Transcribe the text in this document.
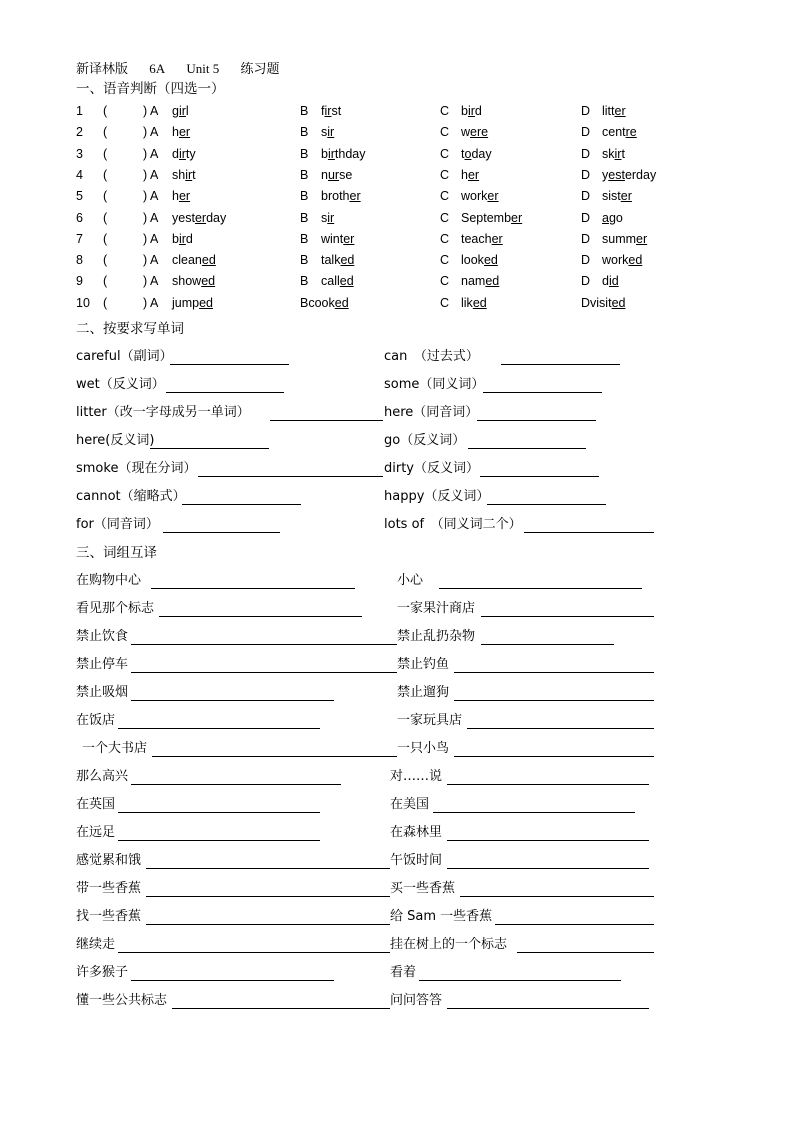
新译林版 6A Unit 5 练习题
一、语音判断（四选一）
1 (	) A girl	B first	C bird	D litter
2 (	) A her	B sir	C were	D centre
3 (	) A dirty	B birthday	C today	D skirt
4 (	) A shirt	B nurse	C her	D yesterday
5 (	) A her	B brother	C worker	D sister
6 (	) A yesterday	B sir	C September	D ago
7 (	) A bird	B winter	C teacher	D summer
8 (	) A cleaned	B talked	C looked	D worked
9 (	) A showed	B called	C named	D did
10 (	) A jumped	Bcooked	C liked	Dvisited
二、按要求写单词
careful（副词）	can　（过去式）
wet（反义词）	some（同义词）
litter（改一字母成另一单词）	here（同音词）
here(反义词)	go（反义词）
smoke（现在分词）	dirty（反义词）
cannot（缩略式）	happy（反义词）
for（同音词）	lots of　（同义词二个）
三、词组互译
在购物中心	小心
看见那个标志	一家果汁商店
禁止饮食	禁止乱扔杂物
禁止停车	禁止钓鱼
禁止吸烟	禁止遛狗
在饭店	一家玩具店
一个大书店	一只小鸟
那么高兴	对……说
在英国	在美国
在远足	在森林里
感觉累和饿	午饭时间
带一些香蕉	买一些香蕉
找一些香蕉	给 Sam 一些香蕉
继续走	挂在树上的一个标志
许多猴子	看着
懂一些公共标志	问问答答
